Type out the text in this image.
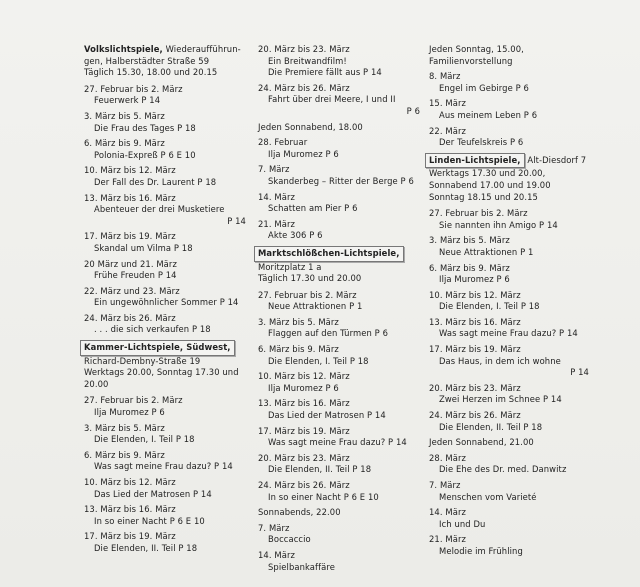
Volkslichtspiele, Wiederaufführun-
gen, Halberstädter Straße 59
Täglich 15.30, 18.00 und 20.15
27. Februar bis 2. März
Feuerwerk P 14
3. März bis 5. März
Die Frau des Tages P 18
6. März bis 9. März
Polonia-Expreß P 6 E 10
10. März bis 12. März
Der Fall des Dr. Laurent P 18
13. März bis 16. März
Abenteuer der drei Musketiere
P 14
17. März bis 19. März
Skandal um Vilma P 18
20 März und 21. März
Frühe Freuden P 14
22. März und 23. März
Ein ungewöhnlicher Sommer P 14
24. März bis 26. März
. . . die sich verkaufen P 18
Kammer-Lichtspiele, Südwest,
Richard-Dembny-Straße 19
Werktags 20.00, Sonntag 17.30 und
20.00
27. Februar bis 2. März
Ilja Muromez P 6
3. März bis 5. März
Die Elenden, I. Teil P 18
6. März bis 9. März
Was sagt meine Frau dazu? P 14
10. März bis 12. März
Das Lied der Matrosen P 14
13. März bis 16. März
In so einer Nacht P 6 E 10
17. März bis 19. März
Die Elenden, II. Teil P 18
20. März bis 23. März
Ein Breitwandfilm!
Die Premiere fällt aus P 14
24. März bis 26. März
Fahrt über drei Meere, I und II
P 6
Jeden Sonnabend, 18.00
28. Februar
Ilja Muromez P 6
7. März
Skanderbeg – Ritter der Berge P 6
14. März
Schatten am Pier P 6
21. März
Akte 306 P 6
Marktschlößchen-Lichtspiele,
Moritzplatz 1 a
Täglich 17.30 und 20.00
27. Februar bis 2. März
Neue Attraktionen P 1
3. März bis 5. März
Flaggen auf den Türmen P 6
6. März bis 9. März
Die Elenden, I. Teil P 18
10. März bis 12. März
Ilja Muromez P 6
13. März bis 16. März
Das Lied der Matrosen P 14
17. März bis 19. März
Was sagt meine Frau dazu? P 14
20. März bis 23. März
Die Elenden, II. Teil P 18
24. März bis 26. März
In so einer Nacht P 6 E 10
Sonnabends, 22.00
7. März
Boccaccio
14. März
Spielbankaffäre
Jeden Sonntag, 15.00,
Familienvorstellung
8. März
Engel im Gebirge P 6
15. März
Aus meinem Leben P 6
22. März
Der Teufelskreis P 6
Linden-Lichtspiele, Alt-Diesdorf 7
Werktags 17.30 und 20.00,
Sonnabend 17.00 und 19.00
Sonntag 18.15 und 20.15
27. Februar bis 2. März
Sie nannten ihn Amigo P 14
3. März bis 5. März
Neue Attraktionen P 1
6. März bis 9. März
Ilja Muromez P 6
10. März bis 12. März
Die Elenden, I. Teil P 18
13. März bis 16. März
Was sagt meine Frau dazu? P 14
17. März bis 19. März
Das Haus, in dem ich wohne
P 14
20. März bis 23. März
Zwei Herzen im Schnee P 14
24. März bis 26. März
Die Elenden, II. Teil P 18
Jeden Sonnabend, 21.00
28. März
Die Ehe des Dr. med. Danwitz
7. März
Menschen vom Varieté
14. März
Ich und Du
21. März
Melodie im Frühling
